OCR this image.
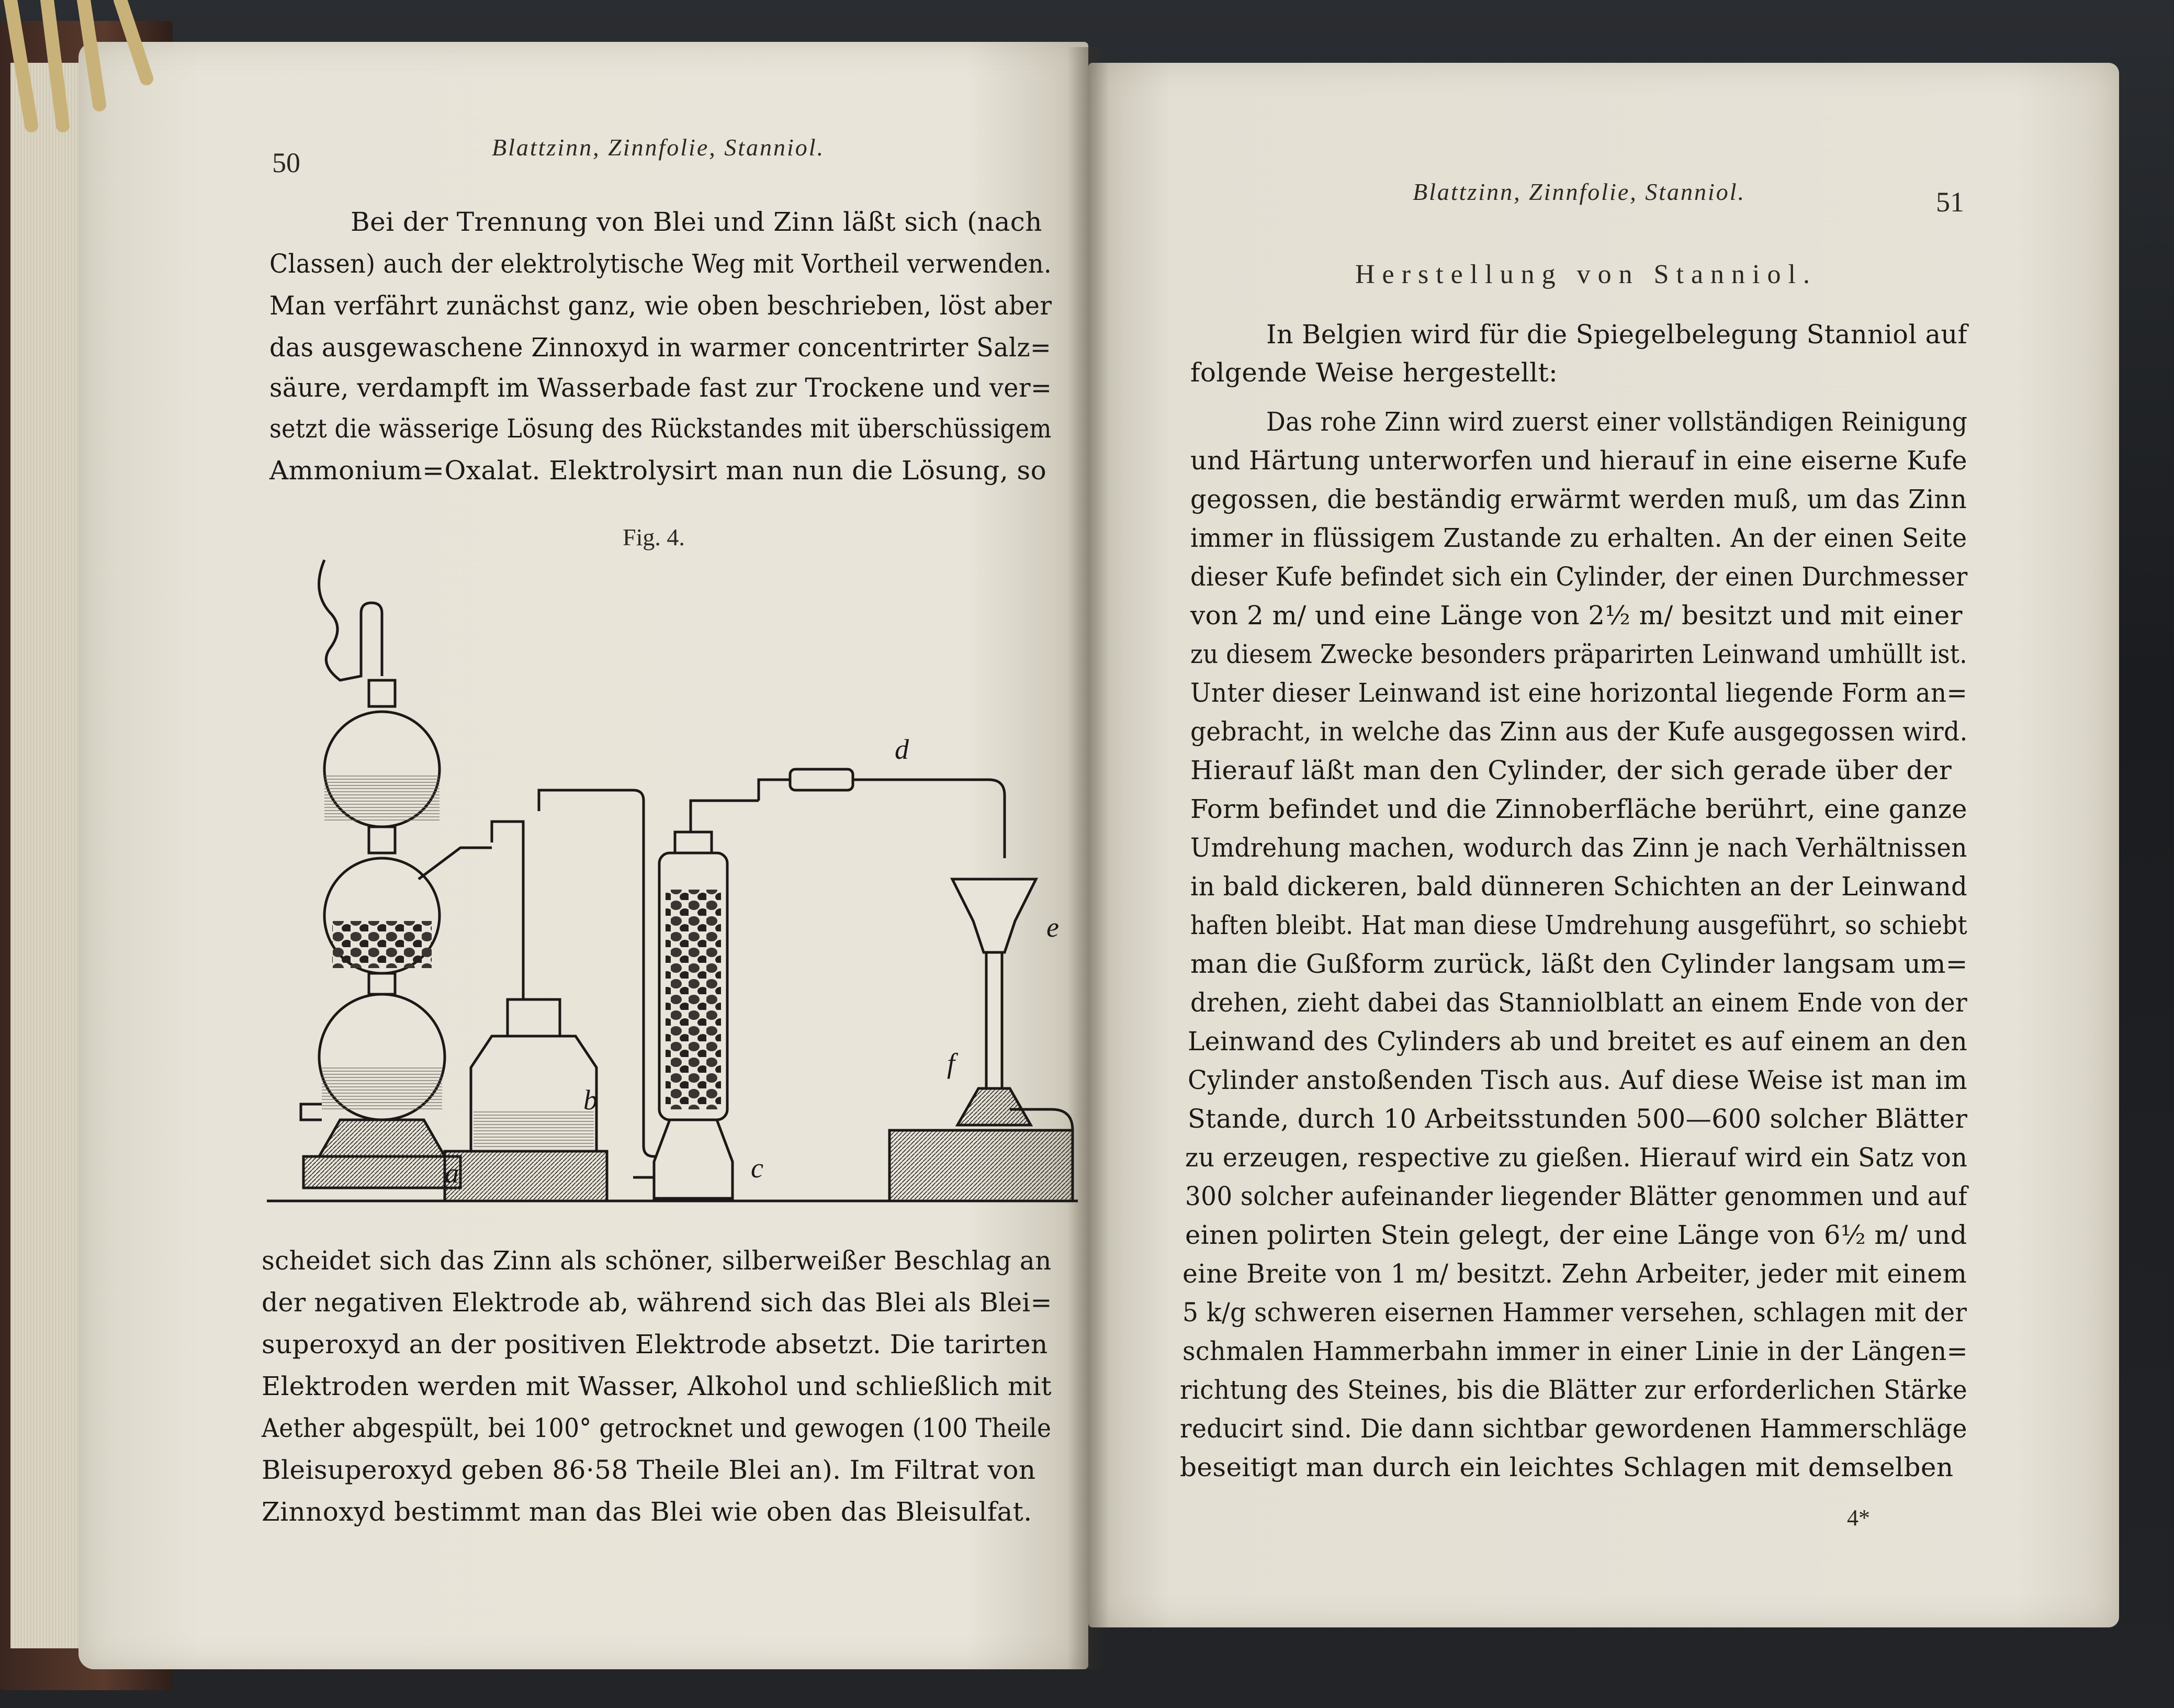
50	Blattzinn, Zinnfolie, Stanniol.
Bei der Trennung von Blei und Zinn läßt sich (nach
Classen) auch der elektrolytische Weg mit Vortheil verwenden.
Man verfährt zunächst ganz, wie oben beschrieben, löst aber
das ausgewaschene Zinnoxyd in warmer concentrirter Salz=
säure, verdampft im Wasserbade fast zur Trockene und ver=
setzt die wässerige Lösung des Rückstandes mit überschüssigem
Ammonium=Oxalat. Elektrolysirt man nun die Lösung, so
Fig. 4.
a
b
c
d
e
f
scheidet sich das Zinn als schöner, silberweißer Beschlag an
der negativen Elektrode ab, während sich das Blei als Blei=
superoxyd an der positiven Elektrode absetzt. Die tarirten
Elektroden werden mit Wasser, Alkohol und schließlich mit
Aether abgespült, bei 100° getrocknet und gewogen (100 Theile
Bleisuperoxyd geben 86·58 Theile Blei an). Im Filtrat von
Zinnoxyd bestimmt man das Blei wie oben das Bleisulfat.
Blattzinn, Zinnfolie, Stanniol.	51
Herstellung von Stanniol.
In Belgien wird für die Spiegelbelegung Stanniol auf
folgende Weise hergestellt:
Das rohe Zinn wird zuerst einer vollständigen Reinigung
und Härtung unterworfen und hierauf in eine eiserne Kufe
gegossen, die beständig erwärmt werden muß, um das Zinn
immer in flüssigem Zustande zu erhalten. An der einen Seite
dieser Kufe befindet sich ein Cylinder, der einen Durchmesser
von 2 m/ und eine Länge von 2½ m/ besitzt und mit einer
zu diesem Zwecke besonders präparirten Leinwand umhüllt ist.
Unter dieser Leinwand ist eine horizontal liegende Form an=
gebracht, in welche das Zinn aus der Kufe ausgegossen wird.
Hierauf läßt man den Cylinder, der sich gerade über der
Form befindet und die Zinnoberfläche berührt, eine ganze
Umdrehung machen, wodurch das Zinn je nach Verhältnissen
in bald dickeren, bald dünneren Schichten an der Leinwand
haften bleibt. Hat man diese Umdrehung ausgeführt, so schiebt
man die Gußform zurück, läßt den Cylinder langsam um=
drehen, zieht dabei das Stanniolblatt an einem Ende von der
Leinwand des Cylinders ab und breitet es auf einem an den
Cylinder anstoßenden Tisch aus. Auf diese Weise ist man im
Stande, durch 10 Arbeitsstunden 500—600 solcher Blätter
zu erzeugen, respective zu gießen. Hierauf wird ein Satz von
300 solcher aufeinander liegender Blätter genommen und auf
einen polirten Stein gelegt, der eine Länge von 6½ m/ und
eine Breite von 1 m/ besitzt. Zehn Arbeiter, jeder mit einem
5 k/g schweren eisernen Hammer versehen, schlagen mit der
schmalen Hammerbahn immer in einer Linie in der Längen=
richtung des Steines, bis die Blätter zur erforderlichen Stärke
reducirt sind. Die dann sichtbar gewordenen Hammerschläge
beseitigt man durch ein leichtes Schlagen mit demselben
4*
